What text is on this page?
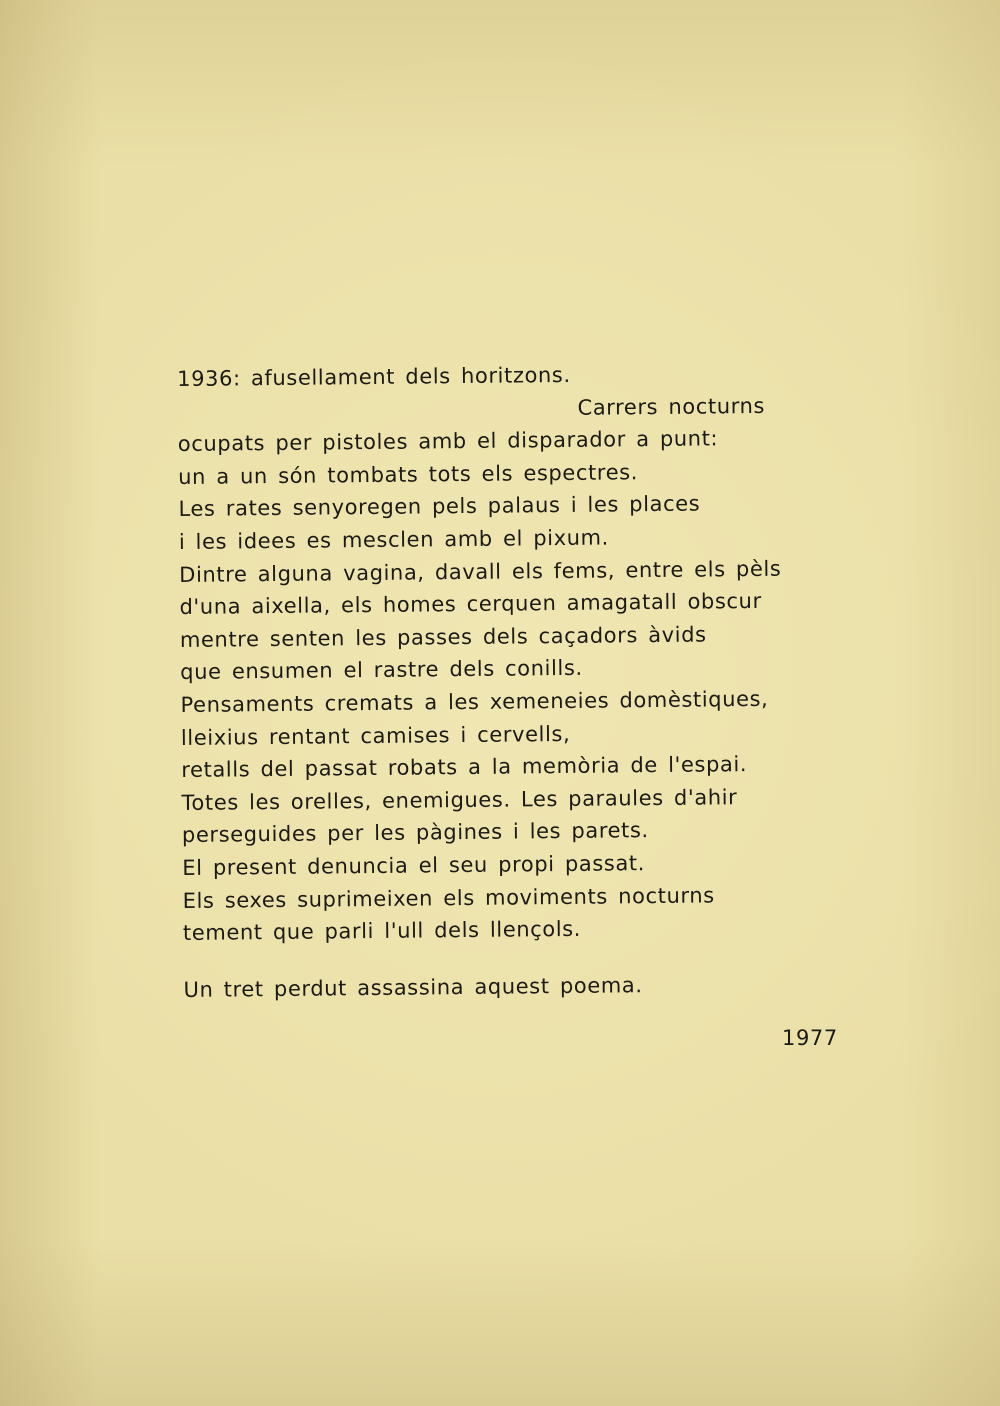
1936: afusellament dels horitzons.
Carrers nocturns
ocupats per pistoles amb el disparador a punt:
un a un són tombats tots els espectres.
Les rates senyoregen pels palaus i les places
i les idees es mesclen amb el pixum.
Dintre alguna vagina, davall els fems, entre els pèls
d'una aixella, els homes cerquen amagatall obscur
mentre senten les passes dels caçadors àvids
que ensumen el rastre dels conills.
Pensaments cremats a les xemeneies domèstiques,
lleixius rentant camises i cervells,
retalls del passat robats a la memòria de l'espai.
Totes les orelles, enemigues. Les paraules d'ahir
perseguides per les pàgines i les parets.
El present denuncia el seu propi passat.
Els sexes suprimeixen els moviments nocturns
tement que parli l'ull dels llençols.
Un tret perdut assassina aquest poema.
1977
